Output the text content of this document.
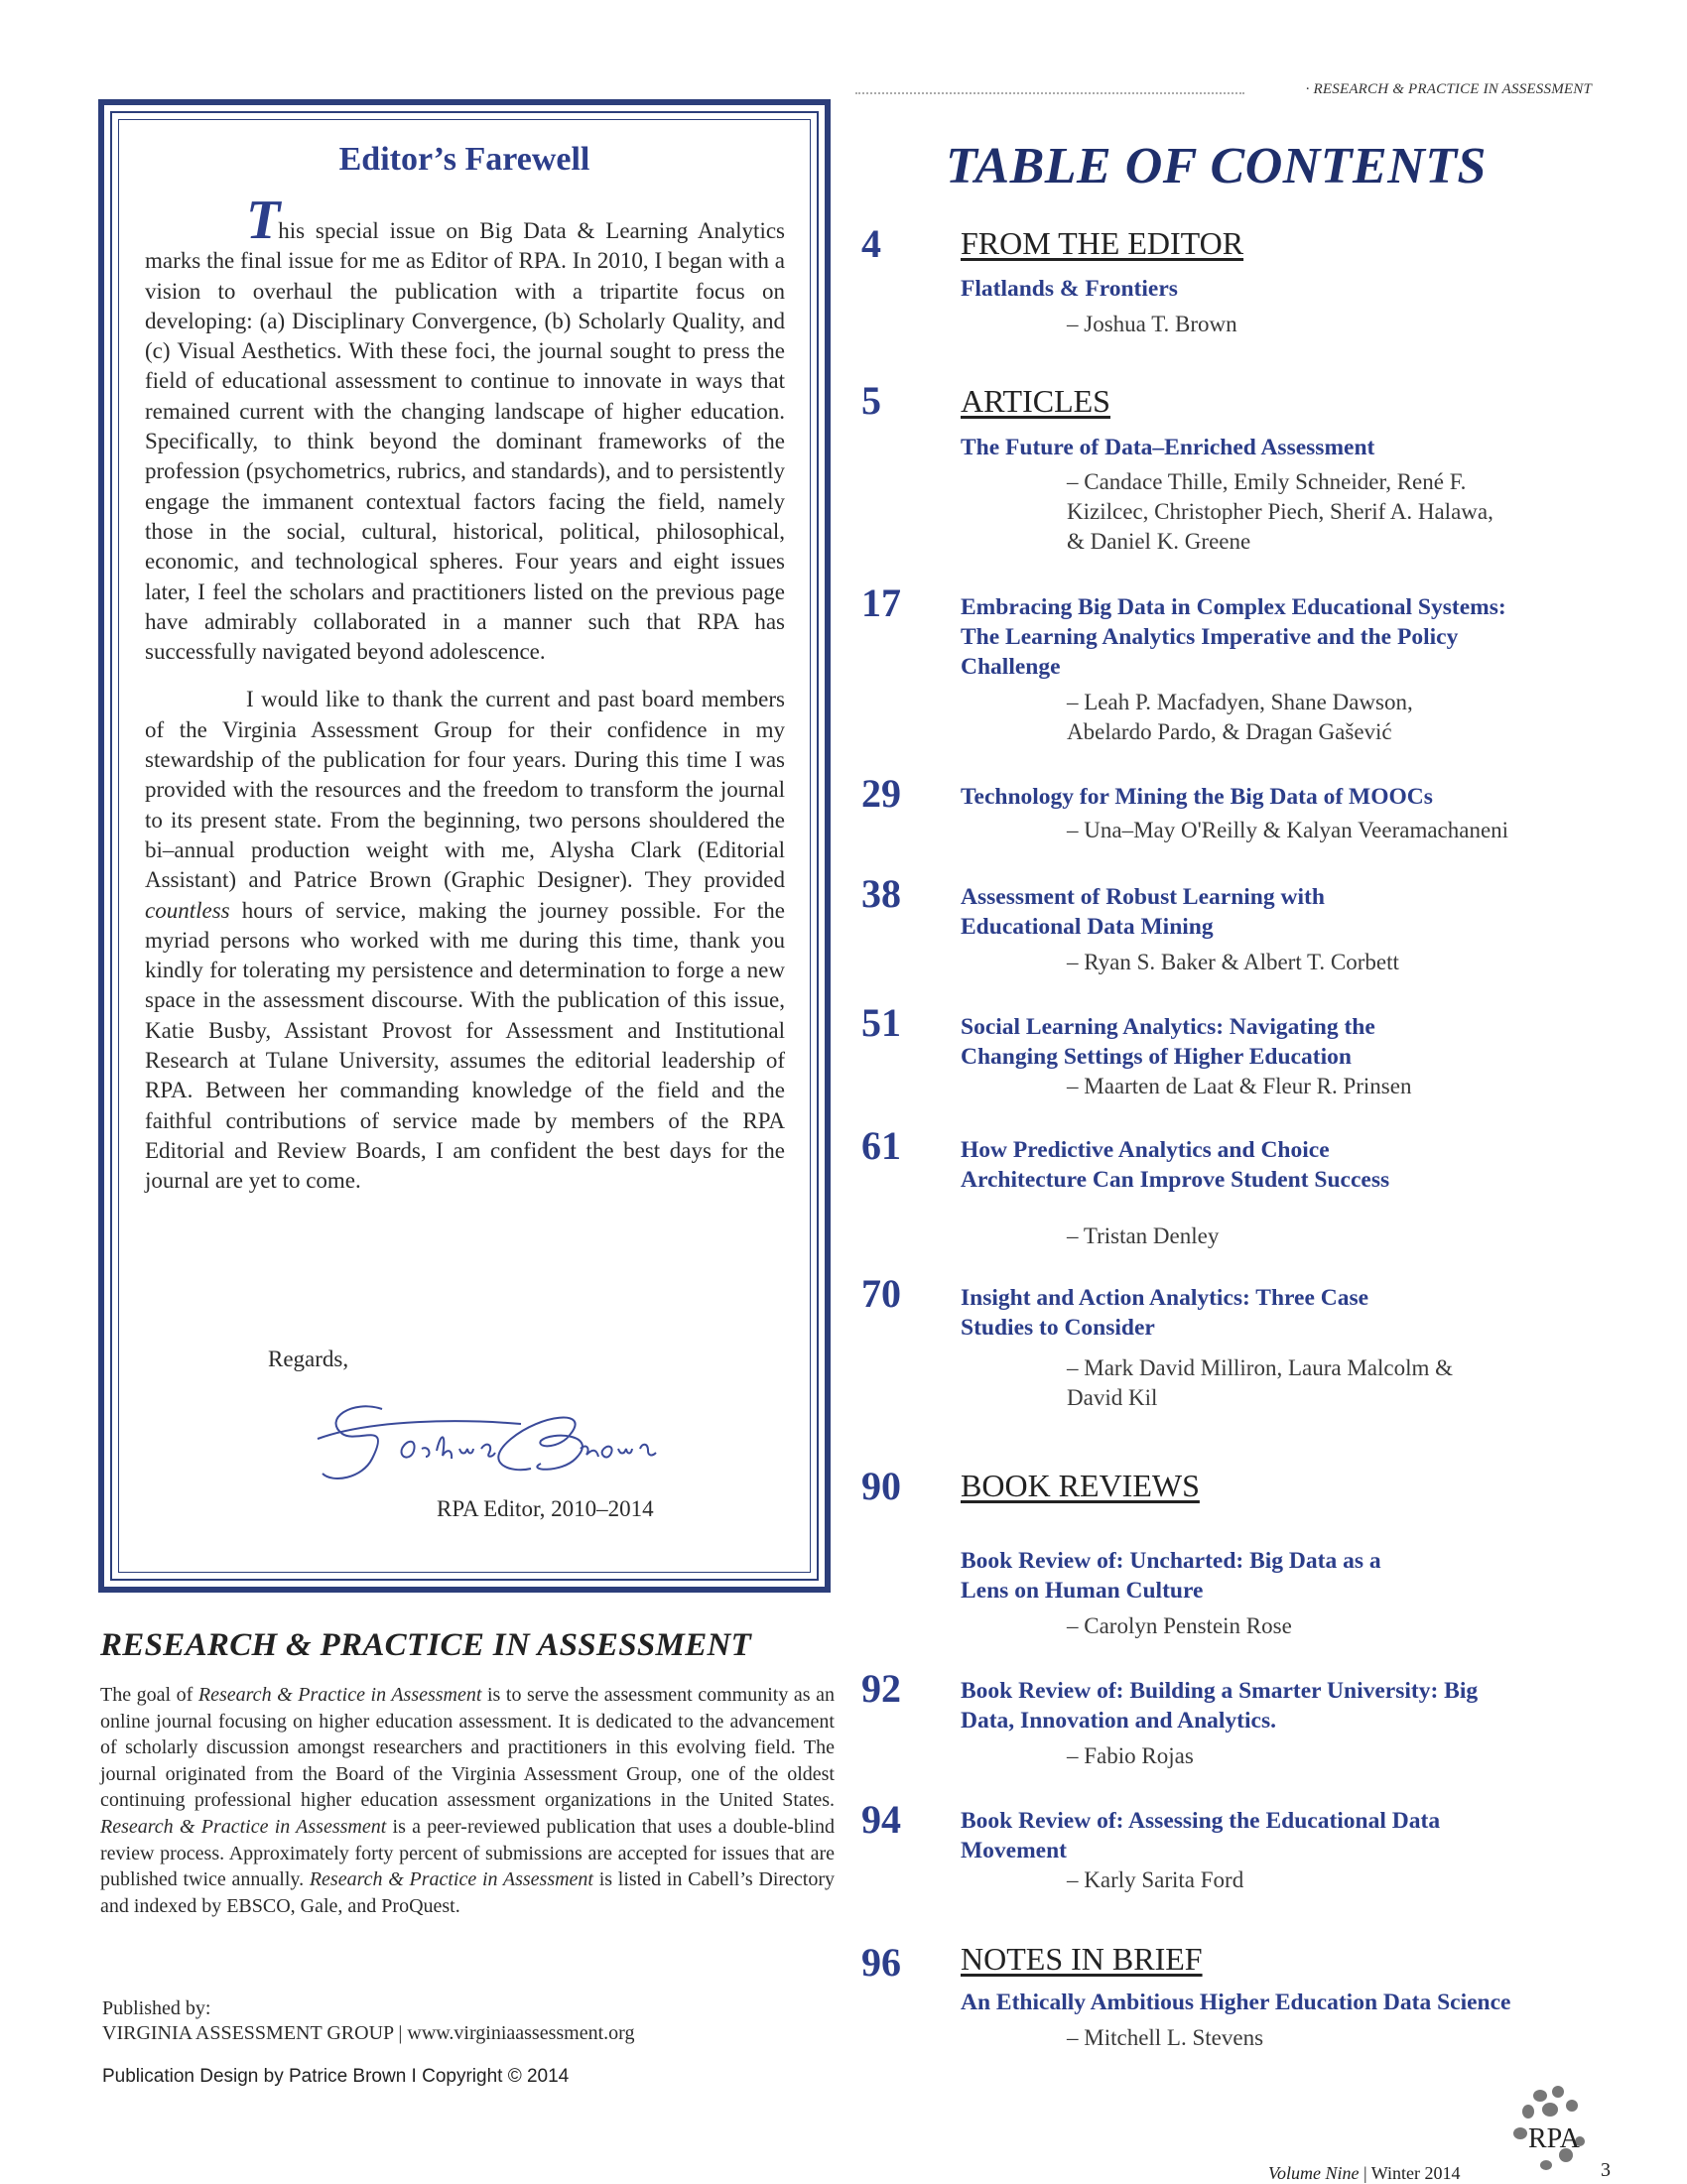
· RESEARCH & PRACTICE IN ASSESSMENT
Editor’s Farewell

This special issue on Big Data & Learning Analytics marks the final issue for me as Editor of RPA. In 2010, I began with a vision to overhaul the publication with a tripartite focus on developing: (a) Disciplinary Convergence, (b) Scholarly Quality, and (c) Visual Aesthetics. With these foci, the journal sought to press the field of educational assessment to continue to innovate in ways that remained current with the changing landscape of higher education. Specifically, to think beyond the dominant frameworks of the profession (psychometrics, rubrics, and standards), and to persistently engage the immanent contextual factors facing the field, namely those in the social, cultural, historical, political, philosophical, economic, and technological spheres. Four years and eight issues later, I feel the scholars and practitioners listed on the previous page have admirably collaborated in a manner such that RPA has successfully navigated beyond adolescence.

I would like to thank the current and past board members of the Virginia Assessment Group for their confidence in my stewardship of the publication for four years. During this time I was provided with the resources and the freedom to transform the journal to its present state. From the beginning, two persons shouldered the bi–annual production weight with me, Alysha Clark (Editorial Assistant) and Patrice Brown (Graphic Designer). They provided countless hours of service, making the journey possible. For the myriad persons who worked with me during this time, thank you kindly for tolerating my persistence and determination to forge a new space in the assessment discourse. With the publication of this issue, Katie Busby, Assistant Provost for Assessment and Institutional Research at Tulane University, assumes the editorial leadership of RPA. Between her commanding knowledge of the field and the faithful contributions of service made by members of the RPA Editorial and Review Boards, I am confident the best days for the journal are yet to come.

Regards,
RPA Editor, 2010–2014
RESEARCH & PRACTICE IN ASSESSMENT

The goal of Research & Practice in Assessment is to serve the assessment community as an online journal focusing on higher education assessment. It is dedicated to the advancement of scholarly discussion amongst researchers and practitioners in this evolving field. The journal originated from the Board of the Virginia Assessment Group, one of the oldest continuing professional higher education assessment organizations in the United States. Research & Practice in Assessment is a peer-reviewed publication that uses a double-blind review process. Approximately forty percent of submissions are accepted for issues that are published twice annually. Research & Practice in Assessment is listed in Cabell’s Directory and indexed by EBSCO, Gale, and ProQuest.

Published by:
VIRGINIA ASSESSMENT GROUP | www.virginiaassessment.org
Publication Design by Patrice Brown I Copyright © 2014
TABLE OF CONTENTS
4	FROM THE EDITOR
Flatlands & Frontiers
– Joshua T. Brown
5	ARTICLES
The Future of Data–Enriched Assessment
– Candace Thille, Emily Schneider, René F. Kizilcec, Christopher Piech, Sherif A. Halawa, & Daniel K. Greene
17	Embracing Big Data in Complex Educational Systems: The Learning Analytics Imperative and the Policy Challenge
– Leah P. Macfadyen, Shane Dawson, Abelardo Pardo, & Dragan Gašević
29	Technology for Mining the Big Data of MOOCs
– Una–May O'Reilly & Kalyan Veeramachaneni
38	Assessment of Robust Learning with Educational Data Mining
– Ryan S. Baker & Albert T. Corbett
51	Social Learning Analytics: Navigating the Changing Settings of Higher Education
– Maarten de Laat & Fleur R. Prinsen
61	How Predictive Analytics and Choice Architecture Can Improve Student Success
– Tristan Denley
70	Insight and Action Analytics: Three Case Studies to Consider
– Mark David Milliron, Laura Malcolm & David Kil
90	BOOK REVIEWS
Book Review of: Uncharted: Big Data as a Lens on Human Culture
– Carolyn Penstein Rose
92	Book Review of: Building a Smarter University: Big Data, Innovation and Analytics.
– Fabio Rojas
94	Book Review of: Assessing the Educational Data Movement
– Karly Sarita Ford
96	NOTES IN BRIEF
An Ethically Ambitious Higher Education Data Science
– Mitchell L. Stevens
Volume Nine | Winter 2014
RPA
3
